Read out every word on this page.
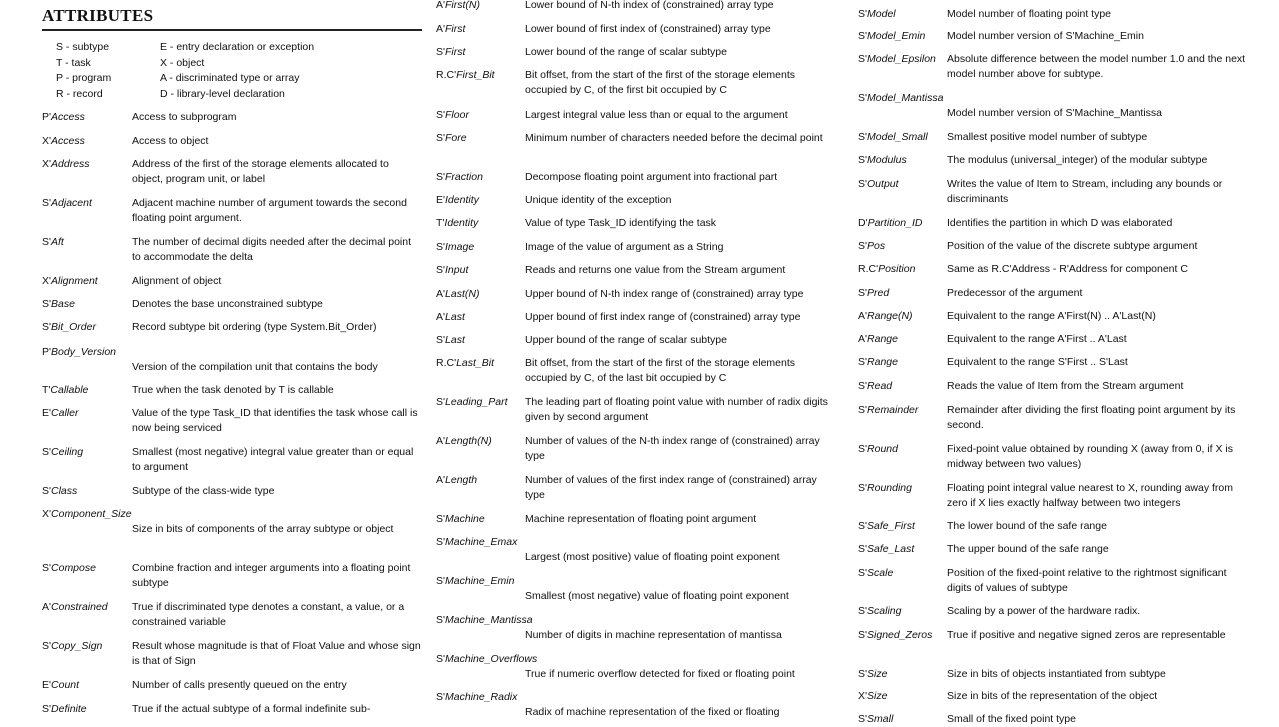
ATTRIBUTES
S - subtype	E - entry declaration or exception
T - task	X - object
P - program	A - discriminated type or array
R - record	D - library-level declaration
P'Access	Access to subprogram
X'Access	Access to object
X'Address	Address of the first of the storage elements allocated to object, program unit, or label
S'Adjacent	Adjacent machine number of argument towards the second floating point argument.
S'Aft	The number of decimal digits needed after the decimal point to accommodate the delta
X'Alignment	Alignment of object
S'Base	Denotes the base unconstrained subtype
S'Bit_Order	Record subtype bit ordering (type System.Bit_Order)
P'Body_Version
Version of the compilation unit that contains the body
T'Callable	True when the task denoted by T is callable
E'Caller	Value of the type Task_ID that identifies the task whose call is now being serviced
S'Ceiling	Smallest (most negative) integral value greater than or equal to argument
S'Class	Subtype of the class-wide type
X'Component_Size
Size in bits of components of the array subtype or object
S'Compose	Combine fraction and integer arguments into a floating point subtype
A'Constrained True if discriminated type denotes a constant, a value, or a constrained variable
S'Copy_Sign	Result whose magnitude is that of Float Value and whose sign is that of Sign
E'Count	Number of calls presently queued on the entry
S'Definite	True if the actual subtype of a formal indefinite sub-
A'First(N)	Lower bound of N-th index of (constrained) array type
A'First	Lower bound of first index of (constrained) array type
S'First	Lower bound of the range of scalar subtype
R.C'First_Bit	Bit offset, from the start of the first of the storage elements occupied by C, of the first bit occupied by C
S'Floor	Largest integral value less than or equal to the argument
S'Fore	Minimum number of characters needed before the decimal point
S'Fraction	Decompose floating point argument into fractional part
E'Identity	Unique identity of the exception
T'Identity	Value of type Task_ID identifying the task
S'Image	Image of the value of argument as a String
S'Input	Reads and returns one value from the Stream argument
A'Last(N)	Upper bound of N-th index range of (constrained) array type
A'Last	Upper bound of first index range of (constrained) array type
S'Last	Upper bound of the range of scalar subtype
R.C'Last_Bit	Bit offset, from the start of the first of the storage elements occupied by C, of the last bit occupied by C
S'Leading_Part The leading part of floating point value with number of radix digits given by second argument
A'Length(N)	Number of values of the N-th index range of (constrained) array type
A'Length	Number of values of the first index range of (constrained) array type
S'Machine	Machine representation of floating point argument
S'Machine_Emax
Largest (most positive) value of floating point exponent
S'Machine_Emin
Smallest (most negative) value of floating point exponent
S'Machine_Mantissa
Number of digits in machine representation of mantissa
S'Machine_Overflows
True if numeric overflow detected for fixed or floating point
S'Machine_Radix
Radix of machine representation of the fixed or floating
S'Model	Model number of floating point type
S'Model_Emin Model number version of S'Machine_Emin
S'Model_Epsilon Absolute difference between the model number 1.0 and the next model number above for subtype.
S'Model_Mantissa
Model number version of S'Machine_Mantissa
S'Model_Small Smallest positive model number of subtype
S'Modulus	The modulus (universal_integer) of the modular subtype
S'Output	Writes the value of Item to Stream, including any bounds or discriminants
D'Partition_ID Identifies the partition in which D was elaborated
S'Pos	Position of the value of the discrete subtype argument
R.C'Position	Same as R.C'Address - R'Address for component C
S'Pred	Predecessor of the argument
A'Range(N)	Equivalent to the range A'First(N) .. A'Last(N)
A'Range	Equivalent to the range A'First .. A'Last
S'Range	Equivalent to the range S'First .. S'Last
S'Read	Reads the value of Item from the Stream argument
S'Remainder	Remainder after dividing the first floating point argument by its second.
S'Round	Fixed-point value obtained by rounding X (away from 0, if X is midway between two values)
S'Rounding	Floating point integral value nearest to X, rounding away from zero if X lies exactly halfway between two integers
S'Safe_First	The lower bound of the safe range
S'Safe_Last	The upper bound of the safe range
S'Scale	Position of the fixed-point relative to the rightmost significant digits of values of subtype
S'Scaling	Scaling by a power of the hardware radix.
S'Signed_Zeros True if positive and negative signed zeros are representable
S'Size	Size in bits of objects instantiated from subtype
X'Size	Size in bits of the representation of the object
S'Small	Small of the fixed point type
